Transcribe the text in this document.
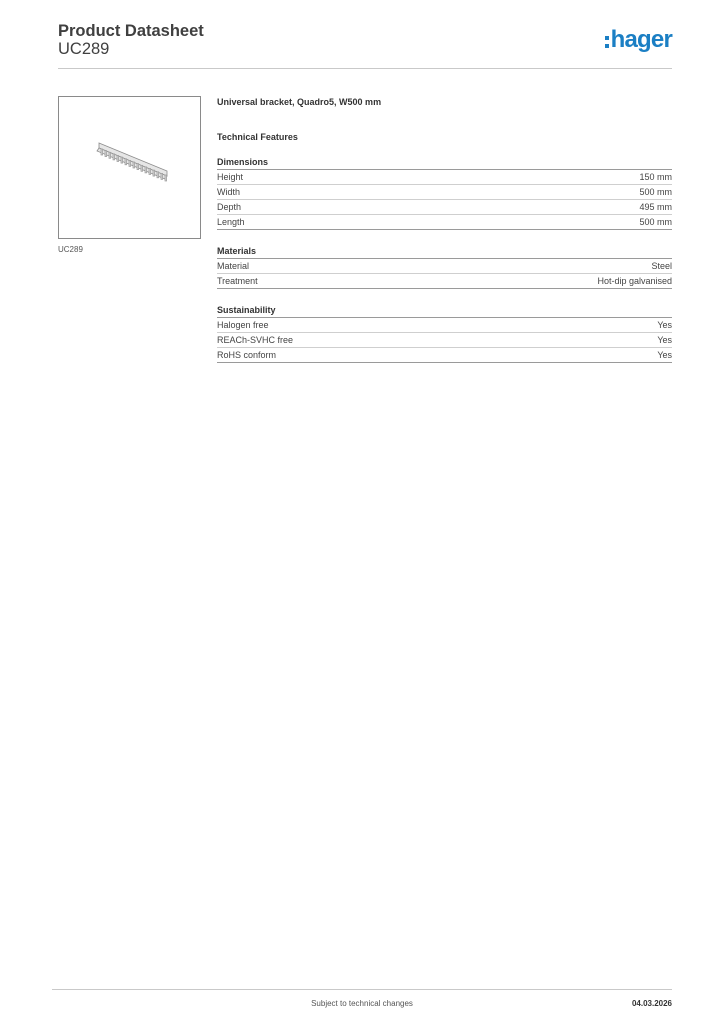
Product Datasheet
UC289	hager
UC289
Universal bracket, Quadro5, W500 mm
Technical Features
Dimensions
Height	150 mm
Width	500 mm
Depth	495 mm
Length	500 mm
Materials
Material	Steel
Treatment	Hot-dip galvanised
Sustainability
Halogen free	Yes
REACh-SVHC free	Yes
RoHS conform	Yes
Subject to technical changes	04.03.2026
